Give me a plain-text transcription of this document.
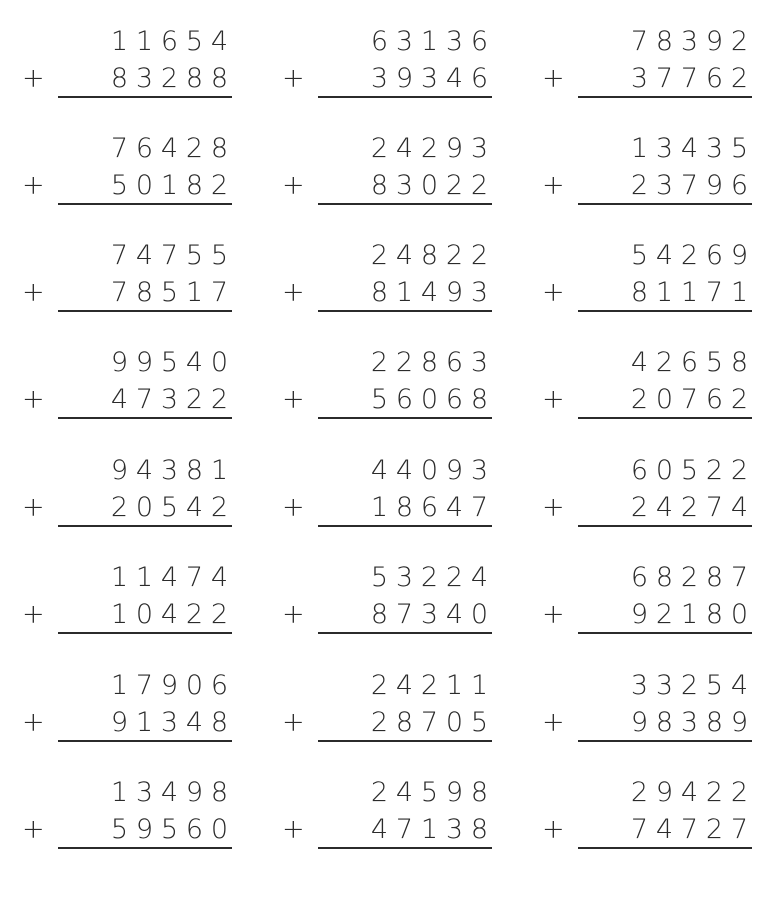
1 1 6 5 4
+ 8 3 2 8 8
6 3 1 3 6
+ 3 9 3 4 6
7 8 3 9 2
+ 3 7 7 6 2
7 6 4 2 8
+ 5 0 1 8 2
2 4 2 9 3
+ 8 3 0 2 2
1 3 4 3 5
+ 2 3 7 9 6
7 4 7 5 5
+ 7 8 5 1 7
2 4 8 2 2
+ 8 1 4 9 3
5 4 2 6 9
+ 8 1 1 7 1
9 9 5 4 0
+ 4 7 3 2 2
2 2 8 6 3
+ 5 6 0 6 8
4 2 6 5 8
+ 2 0 7 6 2
9 4 3 8 1
+ 2 0 5 4 2
4 4 0 9 3
+ 1 8 6 4 7
6 0 5 2 2
+ 2 4 2 7 4
1 1 4 7 4
+ 1 0 4 2 2
5 3 2 2 4
+ 8 7 3 4 0
6 8 2 8 7
+ 9 2 1 8 0
1 7 9 0 6
+ 9 1 3 4 8
2 4 2 1 1
+ 2 8 7 0 5
3 3 2 5 4
+ 9 8 3 8 9
1 3 4 9 8
+ 5 9 5 6 0
2 4 5 9 8
+ 4 7 1 3 8
2 9 4 2 2
+ 7 4 7 2 7
